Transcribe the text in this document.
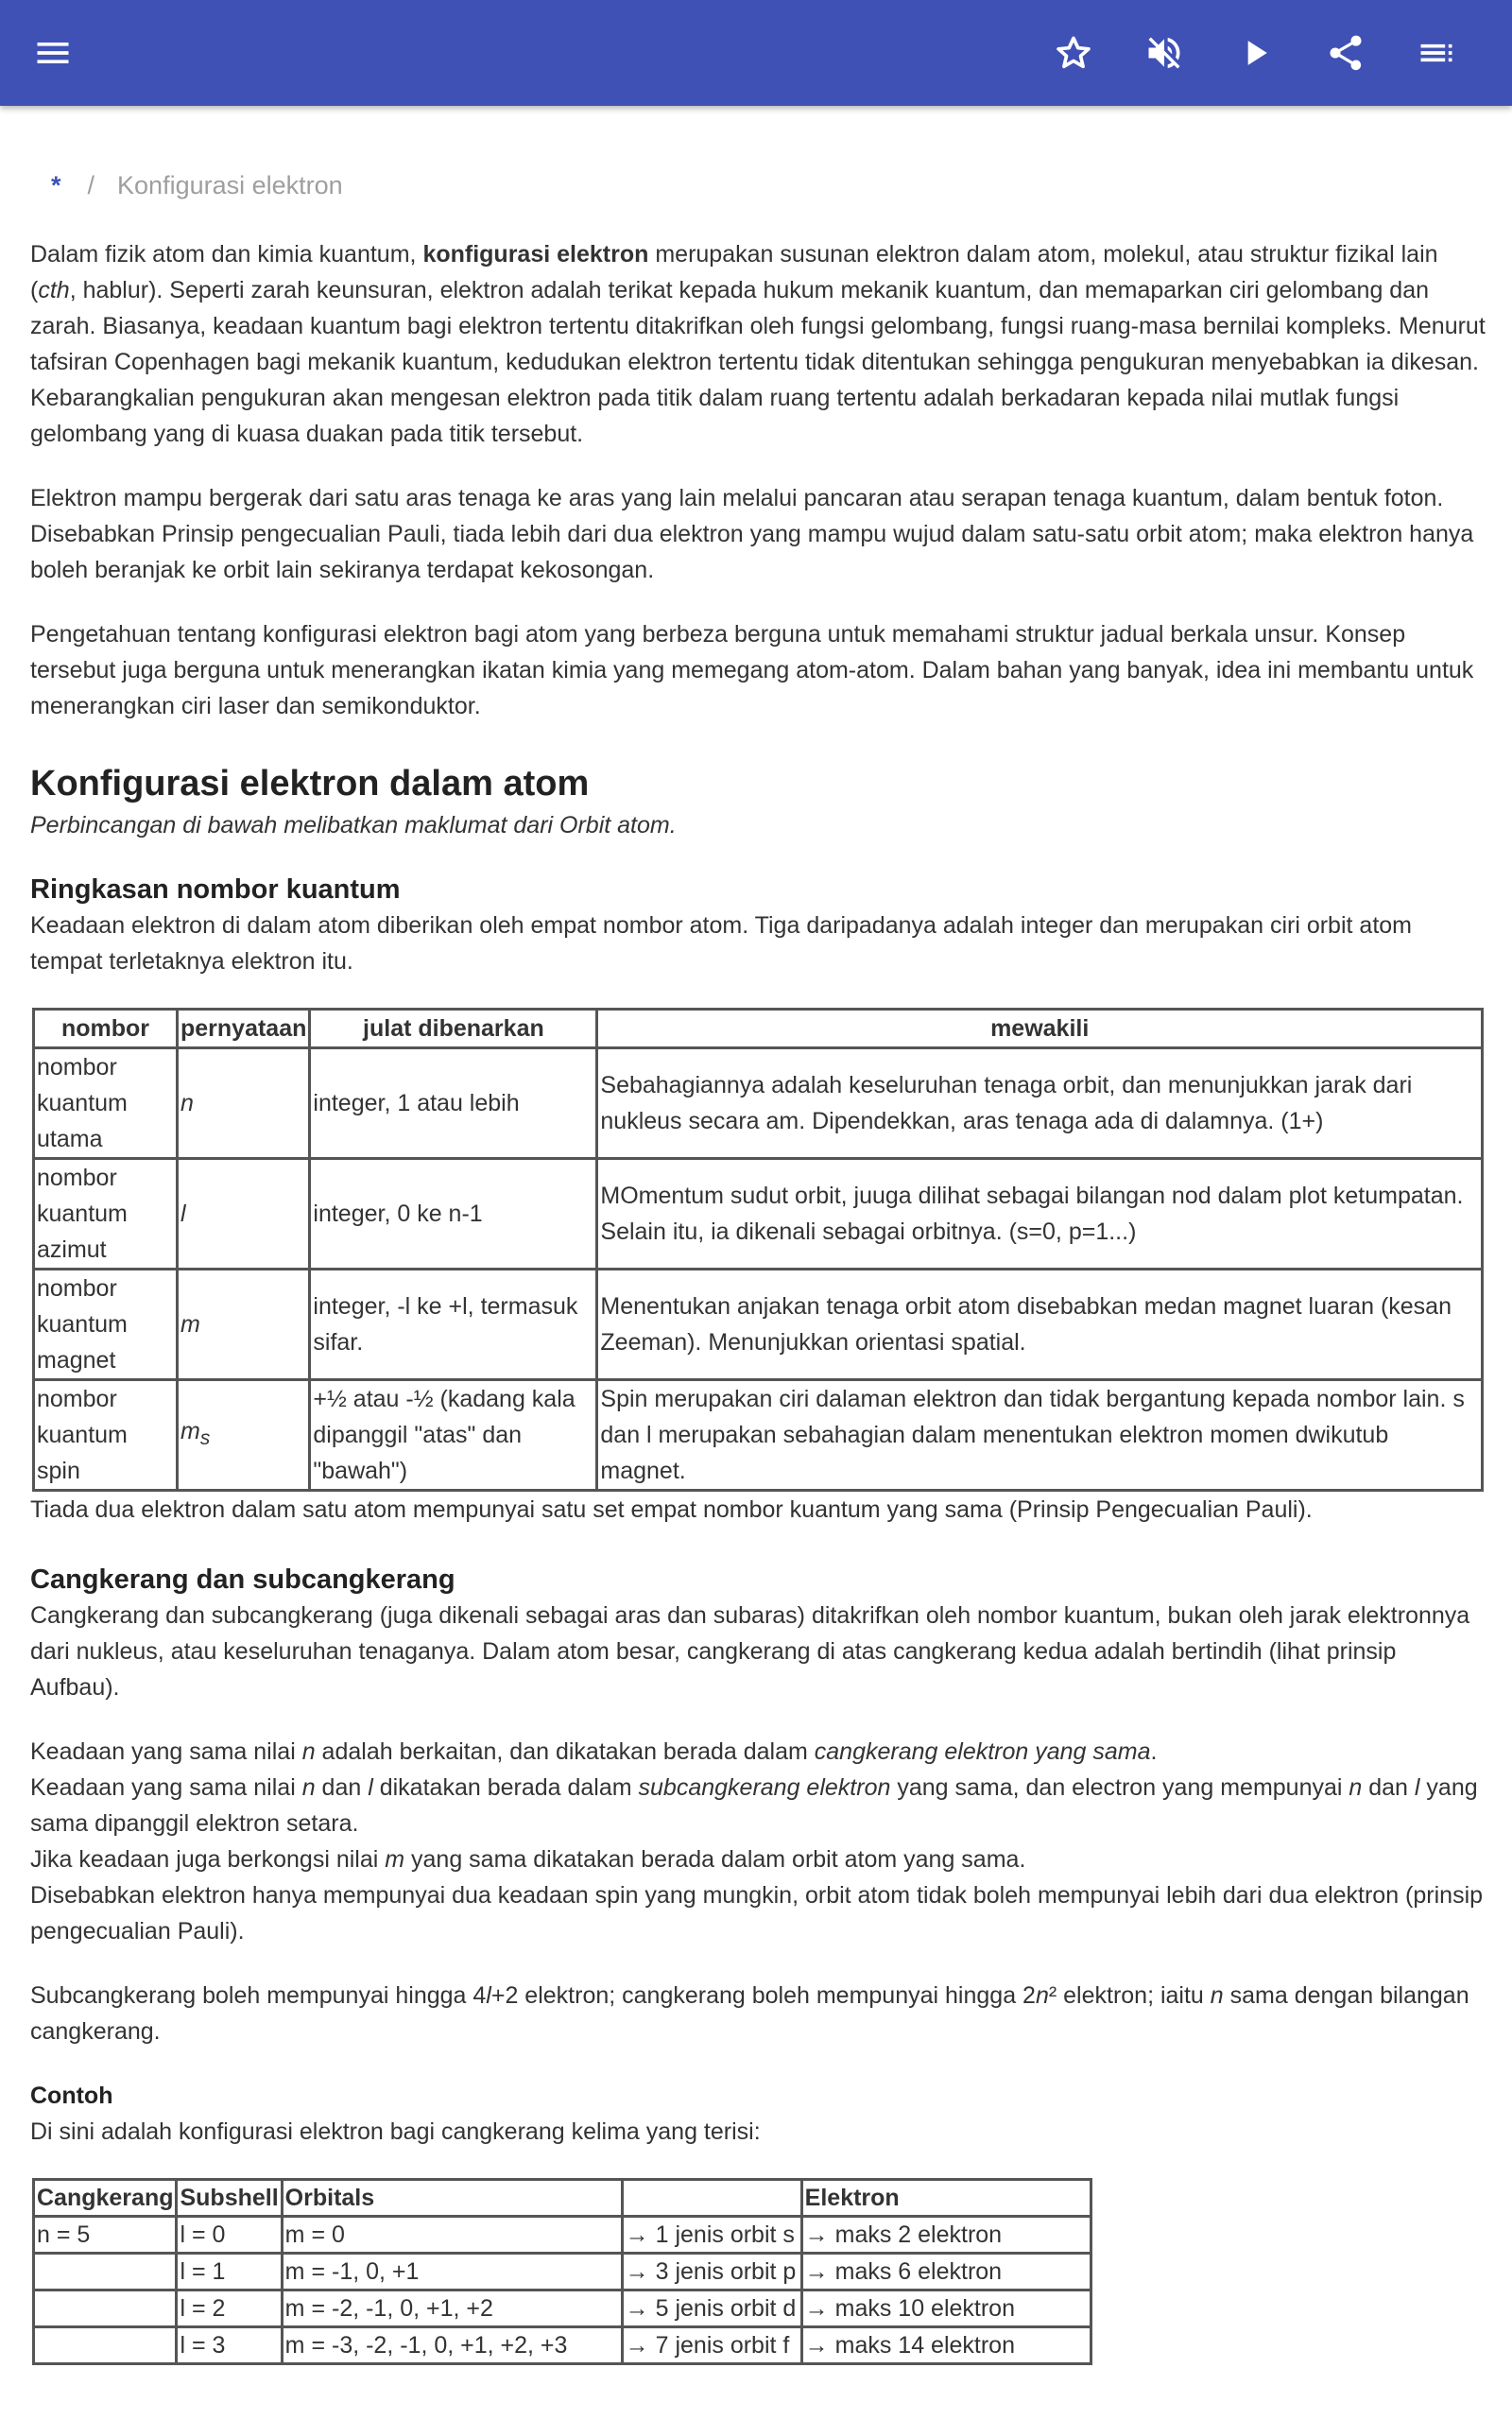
* / Konfigurasi elektron

Dalam fizik atom dan kimia kuantum, konfigurasi elektron merupakan susunan elektron dalam atom, molekul, atau struktur fizikal lain (cth, hablur). Seperti zarah keunsuran, elektron adalah terikat kepada hukum mekanik kuantum, dan memaparkan ciri gelombang dan zarah. Biasanya, keadaan kuantum bagi elektron tertentu ditakrifkan oleh fungsi gelombang, fungsi ruang-masa bernilai kompleks. Menurut tafsiran Copenhagen bagi mekanik kuantum, kedudukan elektron tertentu tidak ditentukan sehingga pengukuran menyebabkan ia dikesan. Kebarangkalian pengukuran akan mengesan elektron pada titik dalam ruang tertentu adalah berkadaran kepada nilai mutlak fungsi gelombang yang di kuasa duakan pada titik tersebut.

Elektron mampu bergerak dari satu aras tenaga ke aras yang lain melalui pancaran atau serapan tenaga kuantum, dalam bentuk foton. Disebabkan Prinsip pengecualian Pauli, tiada lebih dari dua elektron yang mampu wujud dalam satu-satu orbit atom; maka elektron hanya boleh beranjak ke orbit lain sekiranya terdapat kekosongan.

Pengetahuan tentang konfigurasi elektron bagi atom yang berbeza berguna untuk memahami struktur jadual berkala unsur. Konsep tersebut juga berguna untuk menerangkan ikatan kimia yang memegang atom-atom. Dalam bahan yang banyak, idea ini membantu untuk menerangkan ciri laser dan semikonduktor.

Konfigurasi elektron dalam atom

Perbincangan di bawah melibatkan maklumat dari Orbit atom.

Ringkasan nombor kuantum

Keadaan elektron di dalam atom diberikan oleh empat nombor atom. Tiga daripadanya adalah integer dan merupakan ciri orbit atom tempat terletaknya elektron itu.

nombor	pernyataan	julat dibenarkan	mewakili
nombor kuantum utama	n	integer, 1 atau lebih	Sebahagiannya adalah keseluruhan tenaga orbit, dan menunjukkan jarak dari nukleus secara am. Dipendekkan, aras tenaga ada di dalamnya. (1+)
nombor kuantum azimut	l	integer, 0 ke n-1	MOmentum sudut orbit, juuga dilihat sebagai bilangan nod dalam plot ketumpatan. Selain itu, ia dikenali sebagai orbitnya. (s=0, p=1...)
nombor kuantum magnet	m	integer, -l ke +l, termasuk sifar.	Menentukan anjakan tenaga orbit atom disebabkan medan magnet luaran (kesan Zeeman). Menunjukkan orientasi spatial.
nombor kuantum spin	$m_s$	+½ atau -½ (kadang kala dipanggil "atas" dan "bawah")	Spin merupakan ciri dalaman elektron dan tidak bergantung kepada nombor lain. s dan l merupakan sebahagian dalam menentukan elektron momen dwikutub magnet.

Tiada dua elektron dalam satu atom mempunyai satu set empat nombor kuantum yang sama (Prinsip Pengecualian Pauli).

Cangkerang dan subcangkerang

Cangkerang dan subcangkerang (juga dikenali sebagai aras dan subaras) ditakrifkan oleh nombor kuantum, bukan oleh jarak elektronnya dari nukleus, atau keseluruhan tenaganya. Dalam atom besar, cangkerang di atas cangkerang kedua adalah bertindih (lihat prinsip Aufbau).

Keadaan yang sama nilai n adalah berkaitan, dan dikatakan berada dalam cangkerang elektron yang sama.

Keadaan yang sama nilai n dan l dikatakan berada dalam subcangkerang elektron yang sama, dan electron yang mempunyai n dan l yang sama dipanggil elektron setara.

Jika keadaan juga berkongsi nilai m yang sama dikatakan berada dalam orbit atom yang sama.

Disebabkan elektron hanya mempunyai dua keadaan spin yang mungkin, orbit atom tidak boleh mempunyai lebih dari dua elektron (prinsip pengecualian Pauli).

Subcangkerang boleh mempunyai hingga 4l+2 elektron; cangkerang boleh mempunyai hingga 2n² elektron; iaitu n sama dengan bilangan cangkerang.

Contoh

Di sini adalah konfigurasi elektron bagi cangkerang kelima yang terisi:

Cangkerang	Subshell	Orbitals		Elektron
n = 5	l = 0	m = 0	→ 1 jenis orbit s	→ maks 2 elektron
	l = 1	m = -1, 0, +1	→ 3 jenis orbit p	→ maks 6 elektron
	l = 2	m = -2, -1, 0, +1, +2	→ 5 jenis orbit d	→ maks 10 elektron
	l = 3	m = -3, -2, -1, 0, +1, +2, +3	→ 7 jenis orbit f	→ maks 14 elektron
